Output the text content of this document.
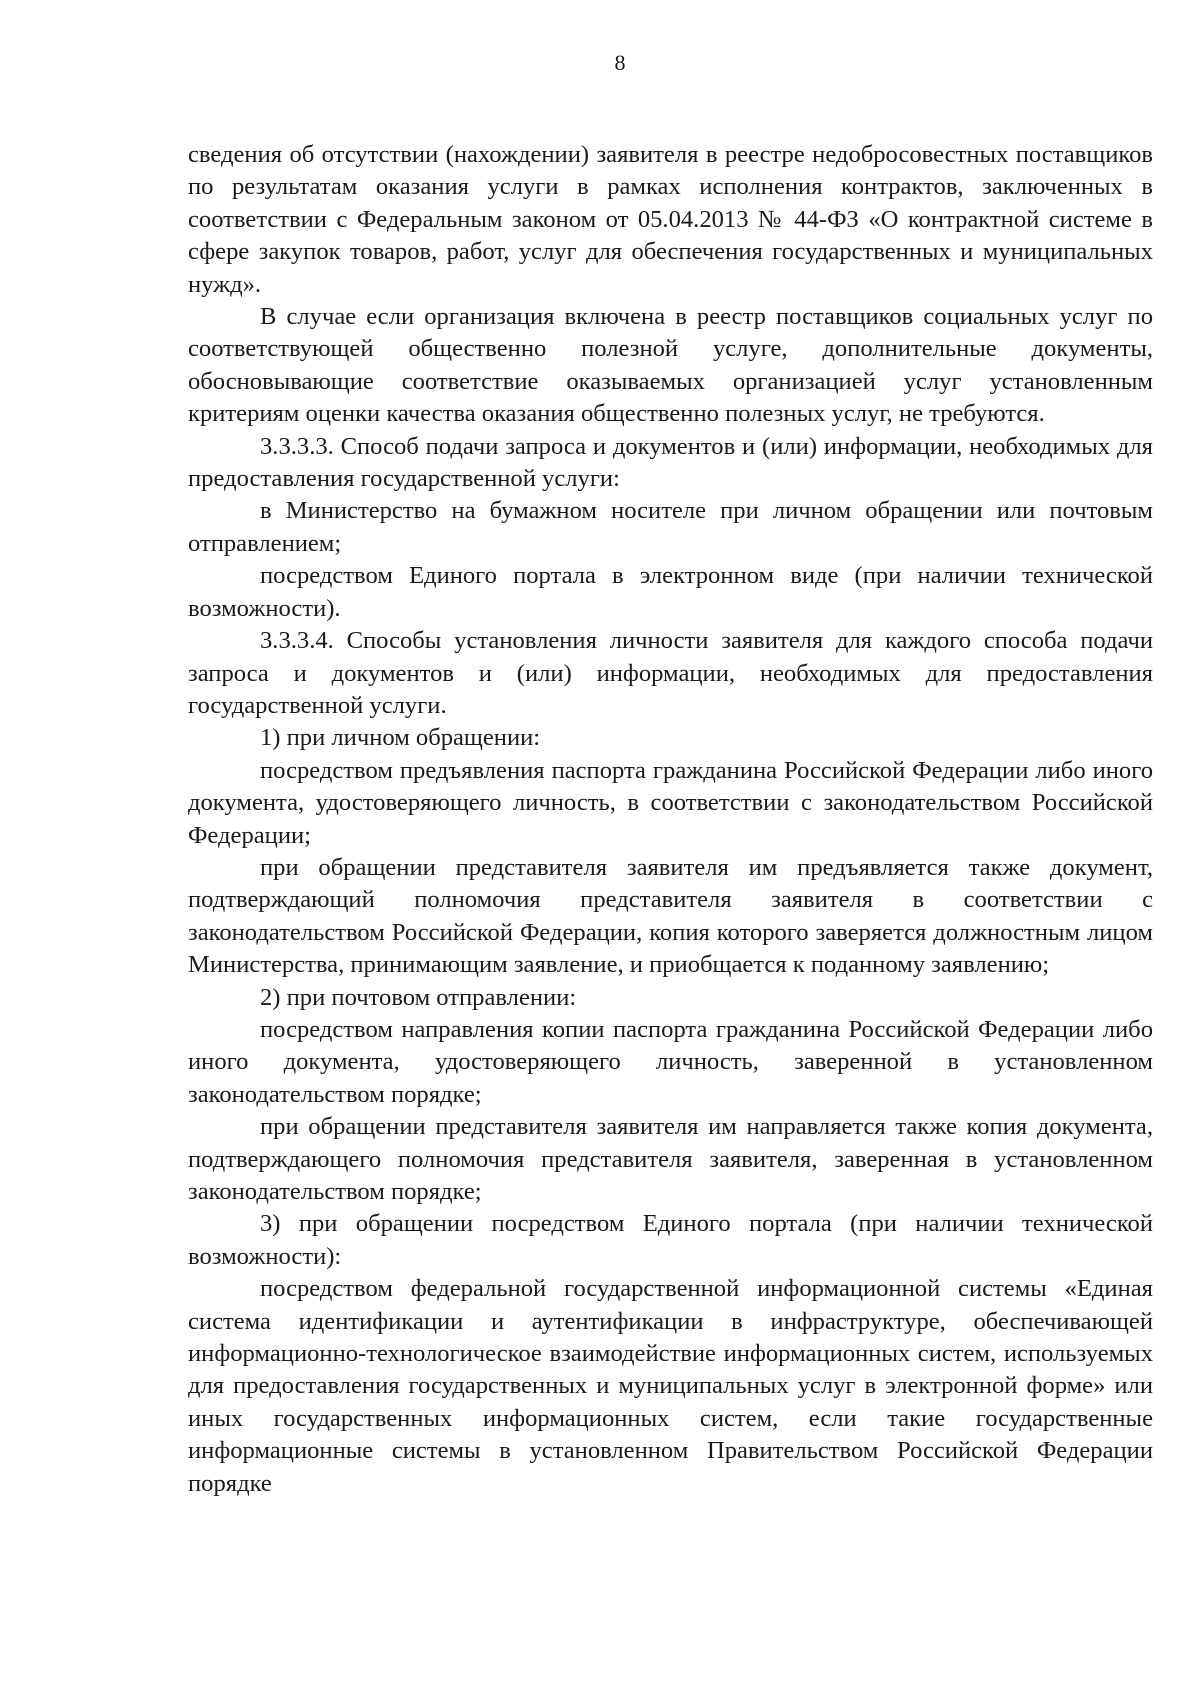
8

сведения об отсутствии (нахождении) заявителя в реестре недобросовестных поставщиков по результатам оказания услуги в рамках исполнения контрактов, заключенных в соответствии с Федеральным законом от 05.04.2013 № 44-ФЗ «О контрактной системе в сфере закупок товаров, работ, услуг для обеспечения государственных и муниципальных нужд».

В случае если организация включена в реестр поставщиков социальных услуг по соответствующей общественно полезной услуге, дополнительные документы, обосновывающие соответствие оказываемых организацией услуг установленным критериям оценки качества оказания общественно полезных услуг, не требуются.

3.3.3.3. Способ подачи запроса и документов и (или) информации, необходимых для предоставления государственной услуги:

в Министерство на бумажном носителе при личном обращении или почтовым отправлением;

посредством Единого портала в электронном виде (при наличии технической возможности).

3.3.3.4. Способы установления личности заявителя для каждого способа подачи запроса и документов и (или) информации, необходимых для предоставления государственной услуги.

1) при личном обращении:

посредством предъявления паспорта гражданина Российской Федерации либо иного документа, удостоверяющего личность, в соответствии с законодательством Российской Федерации;

при обращении представителя заявителя им предъявляется также документ, подтверждающий полномочия представителя заявителя в соответствии с законодательством Российской Федерации, копия которого заверяется должностным лицом Министерства, принимающим заявление, и приобщается к поданному заявлению;

2) при почтовом отправлении:

посредством направления копии паспорта гражданина Российской Федерации либо иного документа, удостоверяющего личность, заверенной в установленном законодательством порядке;

при обращении представителя заявителя им направляется также копия документа, подтверждающего полномочия представителя заявителя, заверенная в установленном законодательством порядке;

3) при обращении посредством Единого портала (при наличии технической возможности):

посредством федеральной государственной информационной системы «Единая система идентификации и аутентификации в инфраструктуре, обеспечивающей информационно-технологическое взаимодействие информационных систем, используемых для предоставления государственных и муниципальных услуг в электронной форме» или иных государственных информационных систем, если такие государственные информационные системы в установленном Правительством Российской Федерации порядке
